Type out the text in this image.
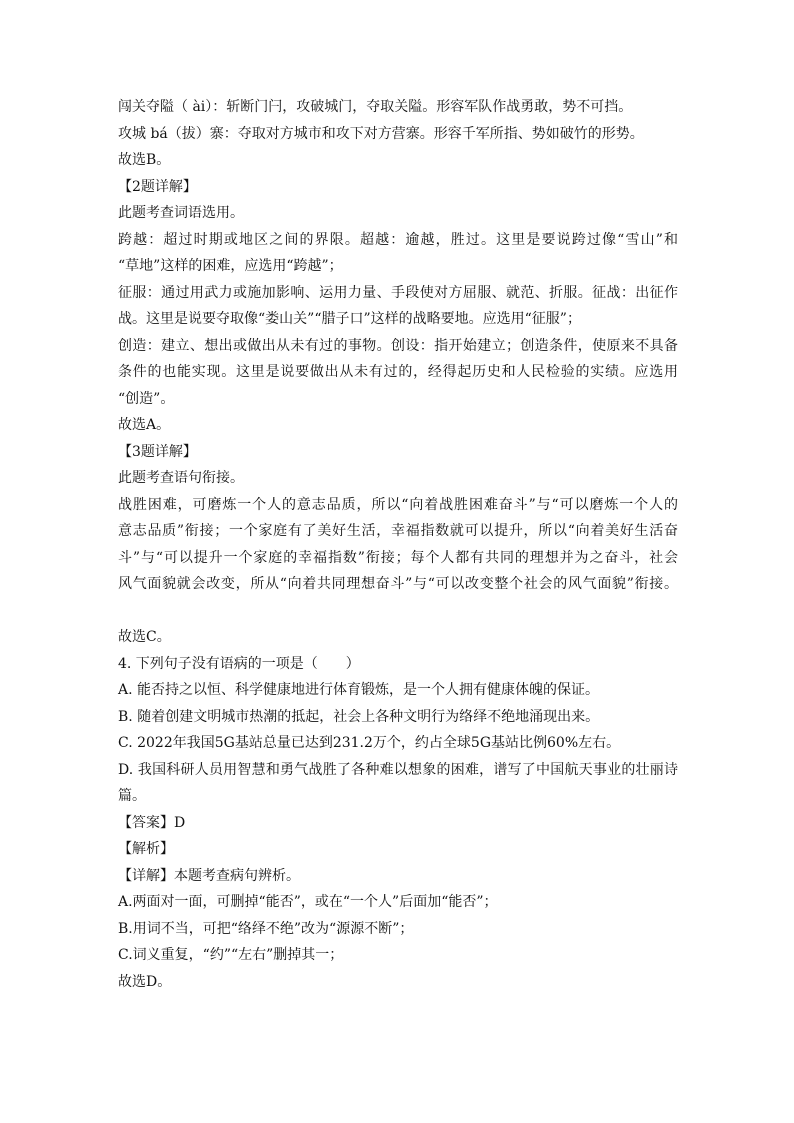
闯关夺隘（ ài）：斩断门闩，攻破城门，夺取关隘。形容军队作战勇敢，势不可挡。
攻城 bá（拔）寨：夺取对方城市和攻下对方营寨。形容千军所指、势如破竹的形势。
故选B。
【2题详解】
此题考查词语选用。
跨越：超过时期或地区之间的界限。超越：逾越，胜过。这里是要说跨过像“雪山”和
“草地”这样的困难，应选用“跨越”；
征服：通过用武力或施加影响、运用力量、手段使对方屈服、就范、折服。征战：出征作
战。这里是说要夺取像“娄山关”“腊子口”这样的战略要地。应选用“征服”；
创造：建立、想出或做出从未有过的事物。创设：指开始建立；创造条件，使原来不具备
条件的也能实现。这里是说要做出从未有过的，经得起历史和人民检验的实绩。应选用
“创造”。
故选A。
【3题详解】
此题考查语句衔接。
战胜困难，可磨炼一个人的意志品质，所以“向着战胜困难奋斗”与“可以磨炼一个人的
意志品质”衔接；一个家庭有了美好生活，幸福指数就可以提升，所以“向着美好生活奋
斗”与“可以提升一个家庭的幸福指数”衔接；每个人都有共同的理想并为之奋斗，社会
风气面貌就会改变，所从“向着共同理想奋斗”与“可以改变整个社会的风气面貌”衔接。
故选C。
4. 下列句子没有语病的一项是（　　）
A. 能否持之以恒、科学健康地进行体育锻炼，是一个人拥有健康体魄的保证。
B. 随着创建文明城市热潮的抵起，社会上各种文明行为络绎不绝地涌现出来。
C. 2022年我国5G基站总量已达到231.2万个，约占全球5G基站比例60%左右。
D. 我国科研人员用智慧和勇气战胜了各种难以想象的困难，谱写了中国航天事业的壮丽诗
篇。
【答案】D
【解析】
【详解】本题考查病句辨析。
A.两面对一面，可删掉“能否”，或在“一个人”后面加“能否”；
B.用词不当，可把“络绎不绝”改为“源源不断”；
C.词义重复，“约”“左右”删掉其一；
故选D。
